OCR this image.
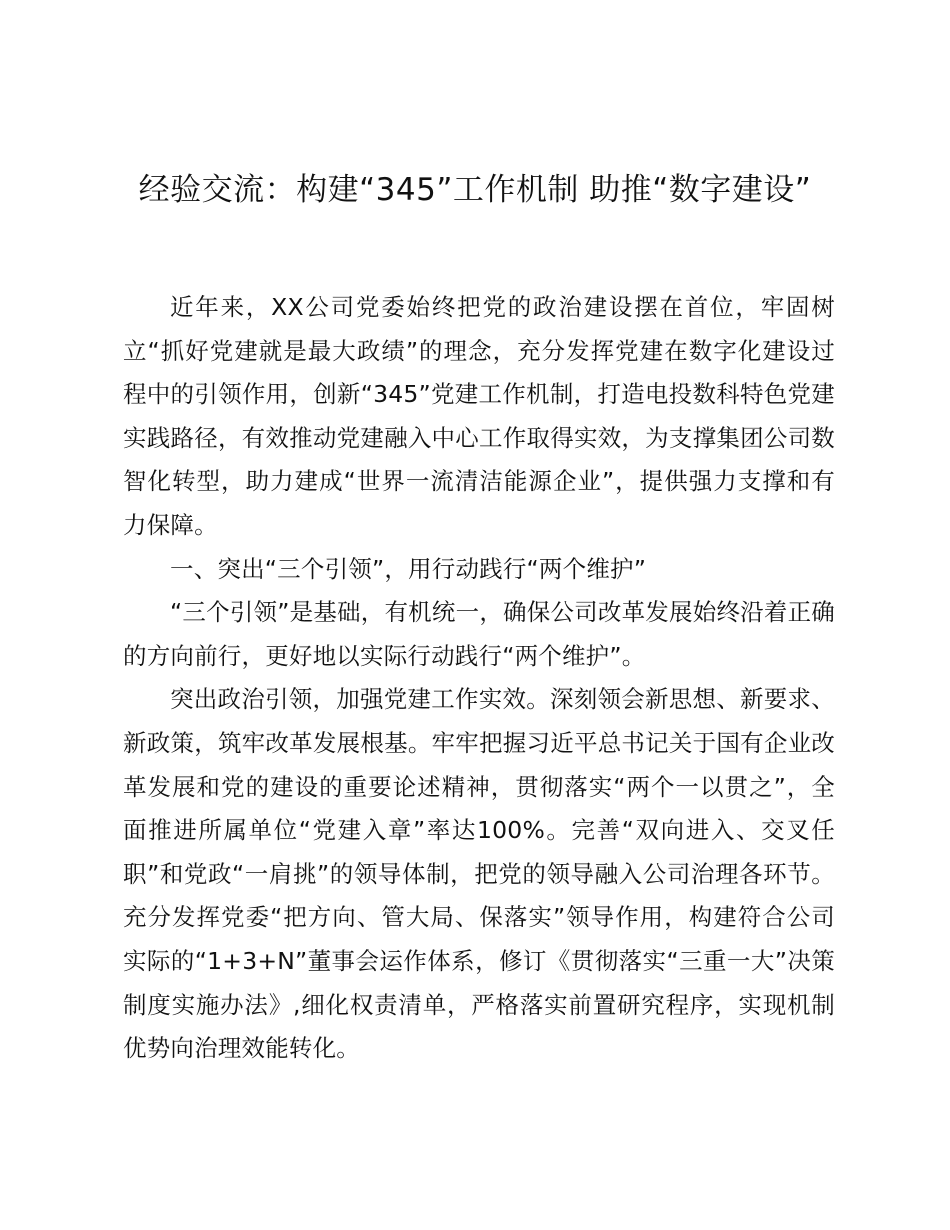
经验交流：构建“345”工作机制 助推“数字建设”

近年来，XX公司党委始终把党的政治建设摆在首位，牢固树立“抓好党建就是最大政绩”的理念，充分发挥党建在数字化建设过程中的引领作用，创新“345”党建工作机制，打造电投数科特色党建实践路径，有效推动党建融入中心工作取得实效，为支撑集团公司数智化转型，助力建成“世界一流清洁能源企业”，提供强力支撑和有力保障。

一、突出“三个引领”，用行动践行“两个维护”

“三个引领”是基础，有机统一，确保公司改革发展始终沿着正确的方向前行，更好地以实际行动践行“两个维护”。

突出政治引领，加强党建工作实效。深刻领会新思想、新要求、新政策，筑牢改革发展根基。牢牢把握习近平总书记关于国有企业改革发展和党的建设的重要论述精神，贯彻落实“两个一以贯之”，全面推进所属单位“党建入章”率达100%。完善“双向进入、交叉任职”和党政“一肩挑”的领导体制，把党的领导融入公司治理各环节。充分发挥党委“把方向、管大局、保落实”领导作用，构建符合公司实际的“1+3+N”董事会运作体系，修订《贯彻落实“三重一大”决策制度实施办法》,细化权责清单，严格落实前置研究程序，实现机制优势向治理效能转化。
